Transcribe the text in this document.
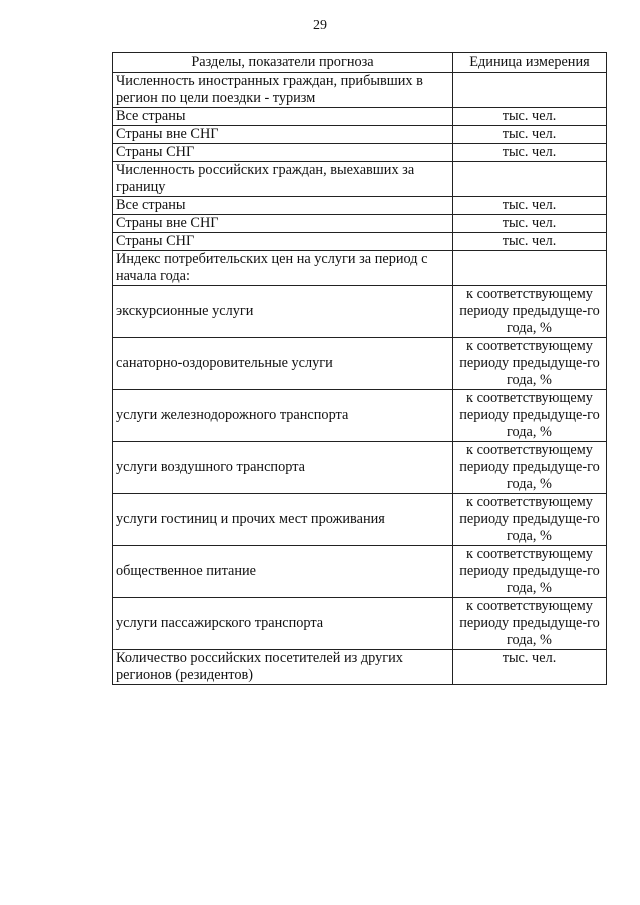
29
Разделы, показатели прогноза	Единица измерения
Численность иностранных граждан, прибывших в регион по цели поездки - туризм	
Все страны	тыс. чел.
Страны вне СНГ	тыс. чел.
Страны СНГ	тыс. чел.
Численность российских граждан, выехавших за границу	
Все страны	тыс. чел.
Страны вне СНГ	тыс. чел.
Страны СНГ	тыс. чел.
Индекс потребительских цен на услуги за период с начала года:	
экскурсионные услуги	к соответствующему периоду предыдуще-го года, %
санаторно-оздоровительные услуги	к соответствующему периоду предыдуще-го года, %
услуги железнодорожного транспорта	к соответствующему периоду предыдуще-го года, %
услуги воздушного транспорта	к соответствующему периоду предыдуще-го года, %
услуги гостиниц и прочих мест проживания	к соответствующему периоду предыдуще-го года, %
общественное питание	к соответствующему периоду предыдуще-го года, %
услуги пассажирского транспорта	к соответствующему периоду предыдуще-го года, %
Количество российских посетителей из других регионов (резидентов)	тыс. чел.
